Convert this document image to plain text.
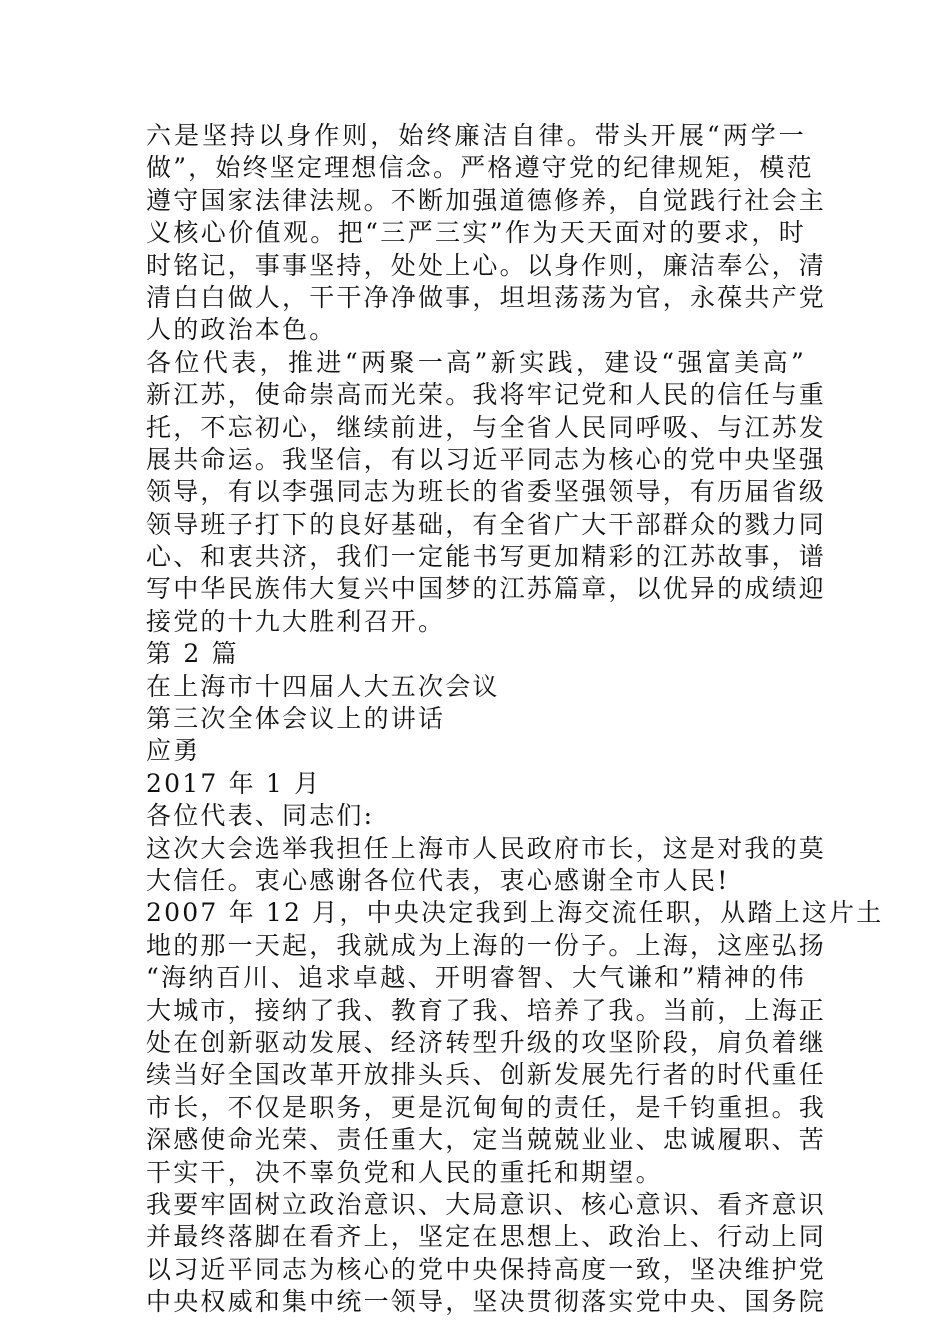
六是坚持以身作则，始终廉洁自律。带头开展“两学一
做”，始终坚定理想信念。严格遵守党的纪律规矩，模范
遵守国家法律法规。不断加强道德修养，自觉践行社会主
义核心价值观。把“三严三实”作为天天面对的要求，时
时铭记，事事坚持，处处上心。以身作则，廉洁奉公，清
清白白做人，干干净净做事，坦坦荡荡为官，永葆共产党
人的政治本色。
各位代表，推进“两聚一高”新实践，建设“强富美高”
新江苏，使命崇高而光荣。我将牢记党和人民的信任与重
托，不忘初心，继续前进，与全省人民同呼吸、与江苏发
展共命运。我坚信，有以习近平同志为核心的党中央坚强
领导，有以李强同志为班长的省委坚强领导，有历届省级
领导班子打下的良好基础，有全省广大干部群众的戮力同
心、和衷共济，我们一定能书写更加精彩的江苏故事，谱
写中华民族伟大复兴中国梦的江苏篇章，以优异的成绩迎
接党的十九大胜利召开。
第 2 篇
在上海市十四届人大五次会议
第三次全体会议上的讲话
应勇
2017 年 1 月
各位代表、同志们:
这次大会选举我担任上海市人民政府市长，这是对我的莫
大信任。衷心感谢各位代表，衷心感谢全市人民!
2007 年 12 月，中央决定我到上海交流任职，从踏上这片土
地的那一天起，我就成为上海的一份子。上海，这座弘扬
“海纳百川、追求卓越、开明睿智、大气谦和”精神的伟
大城市，接纳了我、教育了我、培养了我。当前，上海正
处在创新驱动发展、经济转型升级的攻坚阶段，肩负着继
续当好全国改革开放排头兵、创新发展先行者的时代重任
市长，不仅是职务，更是沉甸甸的责任，是千钧重担。我
深感使命光荣、责任重大，定当兢兢业业、忠诚履职、苦
干实干，决不辜负党和人民的重托和期望。
我要牢固树立政治意识、大局意识、核心意识、看齐意识
并最终落脚在看齐上，坚定在思想上、政治上、行动上同
以习近平同志为核心的党中央保持高度一致，坚决维护党
中央权威和集中统一领导，坚决贯彻落实党中央、国务院
